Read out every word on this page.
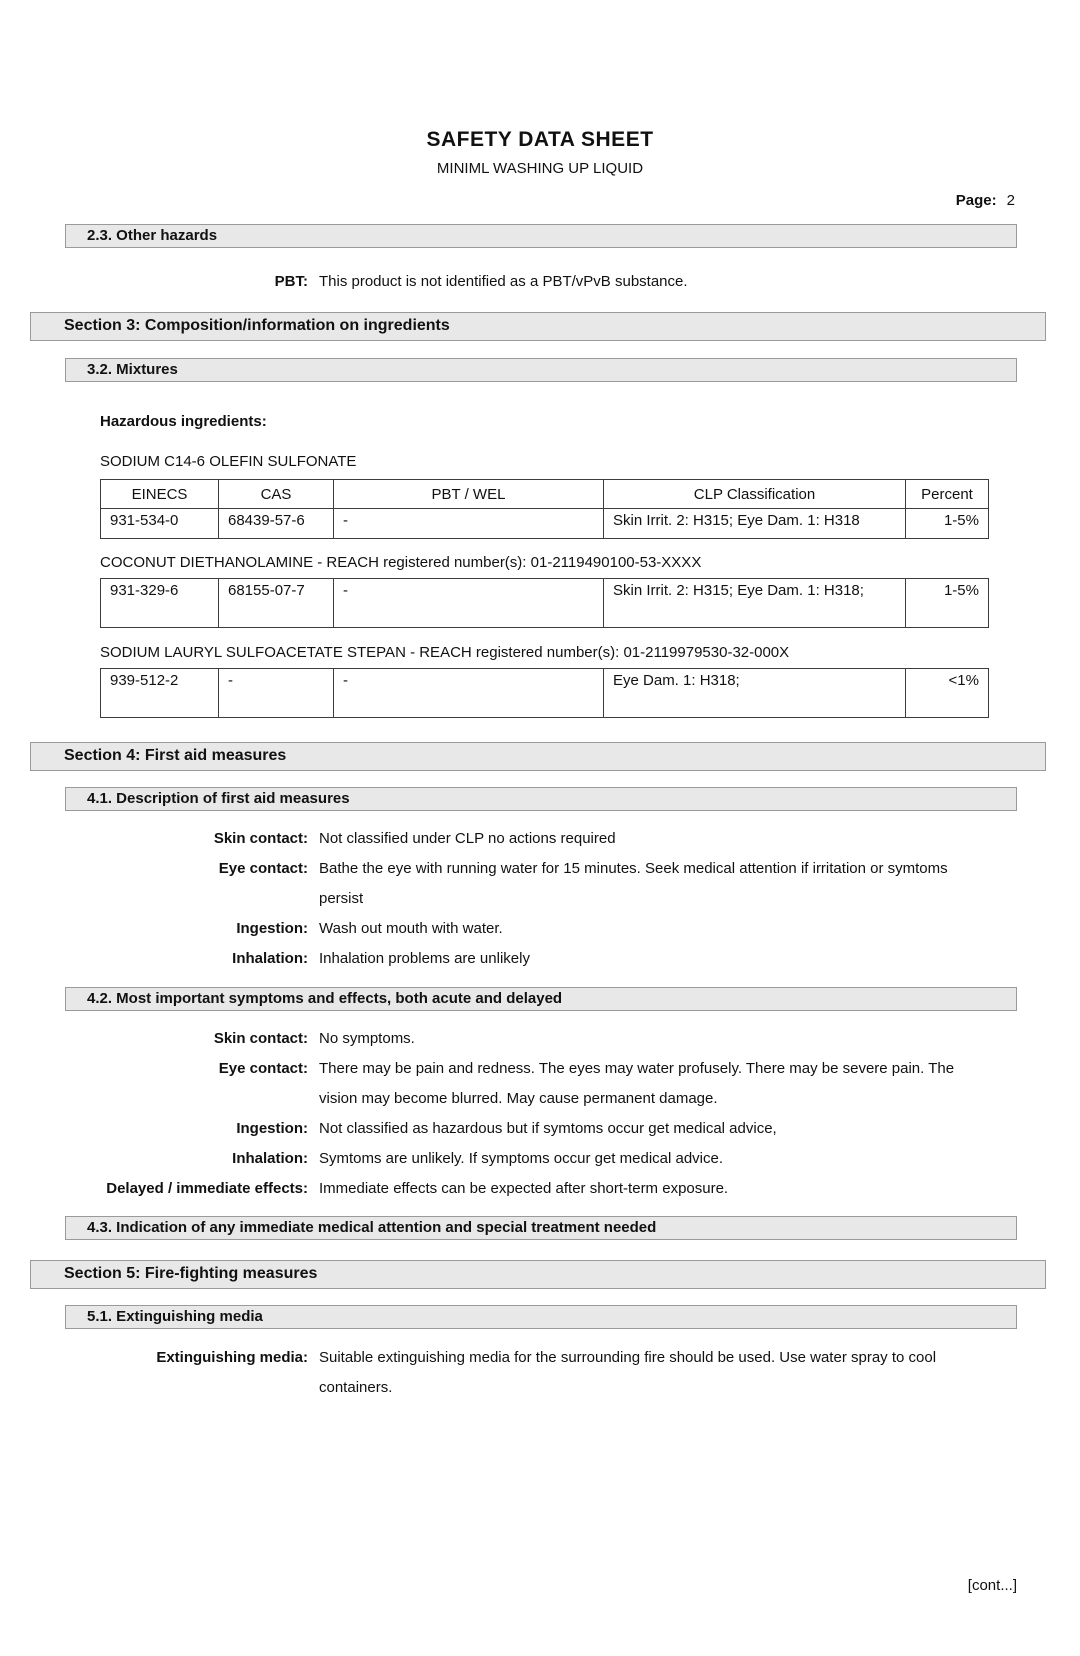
SAFETY DATA SHEET
MINIML WASHING UP LIQUID
Page: 2
2.3. Other hazards
PBT: This product is not identified as a PBT/vPvB substance.
Section 3: Composition/information on ingredients
3.2. Mixtures
Hazardous ingredients:
SODIUM C14-6 OLEFIN SULFONATE
EINECS	CAS	PBT / WEL	CLP Classification	Percent
931-534-0	68439-57-6	-	Skin Irrit. 2: H315; Eye Dam. 1: H318	1-5%
COCONUT DIETHANOLAMINE - REACH registered number(s): 01-2119490100-53-XXXX
931-329-6	68155-07-7	-	Skin Irrit. 2: H315; Eye Dam. 1: H318;	1-5%
SODIUM LAURYL SULFOACETATE STEPAN - REACH registered number(s): 01-2119979530-32-000X
939-512-2	-	-	Eye Dam. 1: H318;	<1%
Section 4: First aid measures
4.1. Description of first aid measures
Skin contact: Not classified under CLP no actions required
Eye contact: Bathe the eye with running water for 15 minutes. Seek medical attention if irritation or symtoms persist
Ingestion: Wash out mouth with water.
Inhalation: Inhalation problems are unlikely
4.2. Most important symptoms and effects, both acute and delayed
Skin contact: No symptoms.
Eye contact: There may be pain and redness. The eyes may water profusely. There may be severe pain. The vision may become blurred. May cause permanent damage.
Ingestion: Not classified as hazardous but if symtoms occur get medical advice,
Inhalation: Symtoms are unlikely. If symptoms occur get medical advice.
Delayed / immediate effects: Immediate effects can be expected after short-term exposure.
4.3. Indication of any immediate medical attention and special treatment needed
Section 5: Fire-fighting measures
5.1. Extinguishing media
Extinguishing media: Suitable extinguishing media for the surrounding fire should be used. Use water spray to cool containers.
[cont...]
